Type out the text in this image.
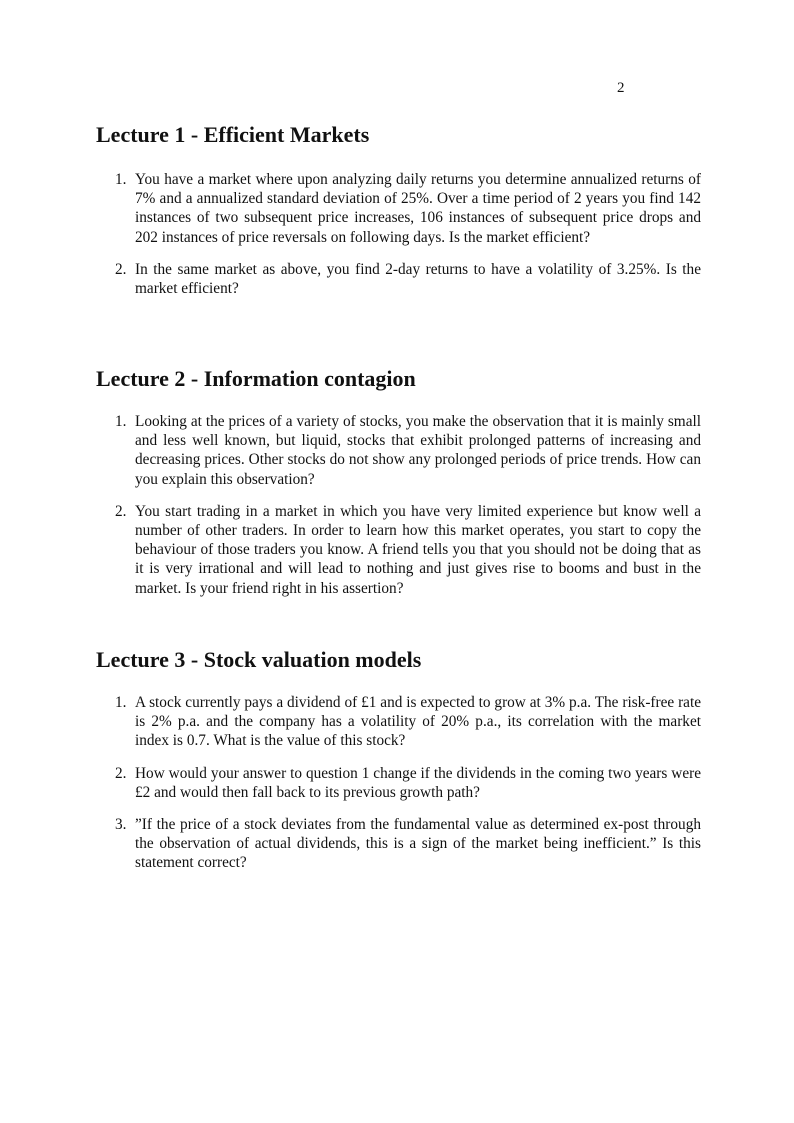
2
Lecture 1 - Efficient Markets
1. You have a market where upon analyzing daily returns you determine annualized returns of 7% and a annualized standard deviation of 25%. Over a time period of 2 years you find 142 instances of two subsequent price increases, 106 instances of subsequent price drops and 202 instances of price reversals on following days. Is the market efficient?
2. In the same market as above, you find 2-day returns to have a volatility of 3.25%. Is the market efficient?
Lecture 2 - Information contagion
1. Looking at the prices of a variety of stocks, you make the observation that it is mainly small and less well known, but liquid, stocks that exhibit prolonged patterns of increasing and decreasing prices. Other stocks do not show any prolonged periods of price trends. How can you explain this observation?
2. You start trading in a market in which you have very limited experience but know well a number of other traders. In order to learn how this market operates, you start to copy the behaviour of those traders you know. A friend tells you that you should not be doing that as it is very irrational and will lead to nothing and just gives rise to booms and bust in the market. Is your friend right in his assertion?
Lecture 3 - Stock valuation models
1. A stock currently pays a dividend of £1 and is expected to grow at 3% p.a. The risk-free rate is 2% p.a. and the company has a volatility of 20% p.a., its correlation with the market index is 0.7. What is the value of this stock?
2. How would your answer to question 1 change if the dividends in the coming two years were £2 and would then fall back to its previous growth path?
3. ”If the price of a stock deviates from the fundamental value as determined ex-post through the observation of actual dividends, this is a sign of the market being inefficient.” Is this statement correct?
